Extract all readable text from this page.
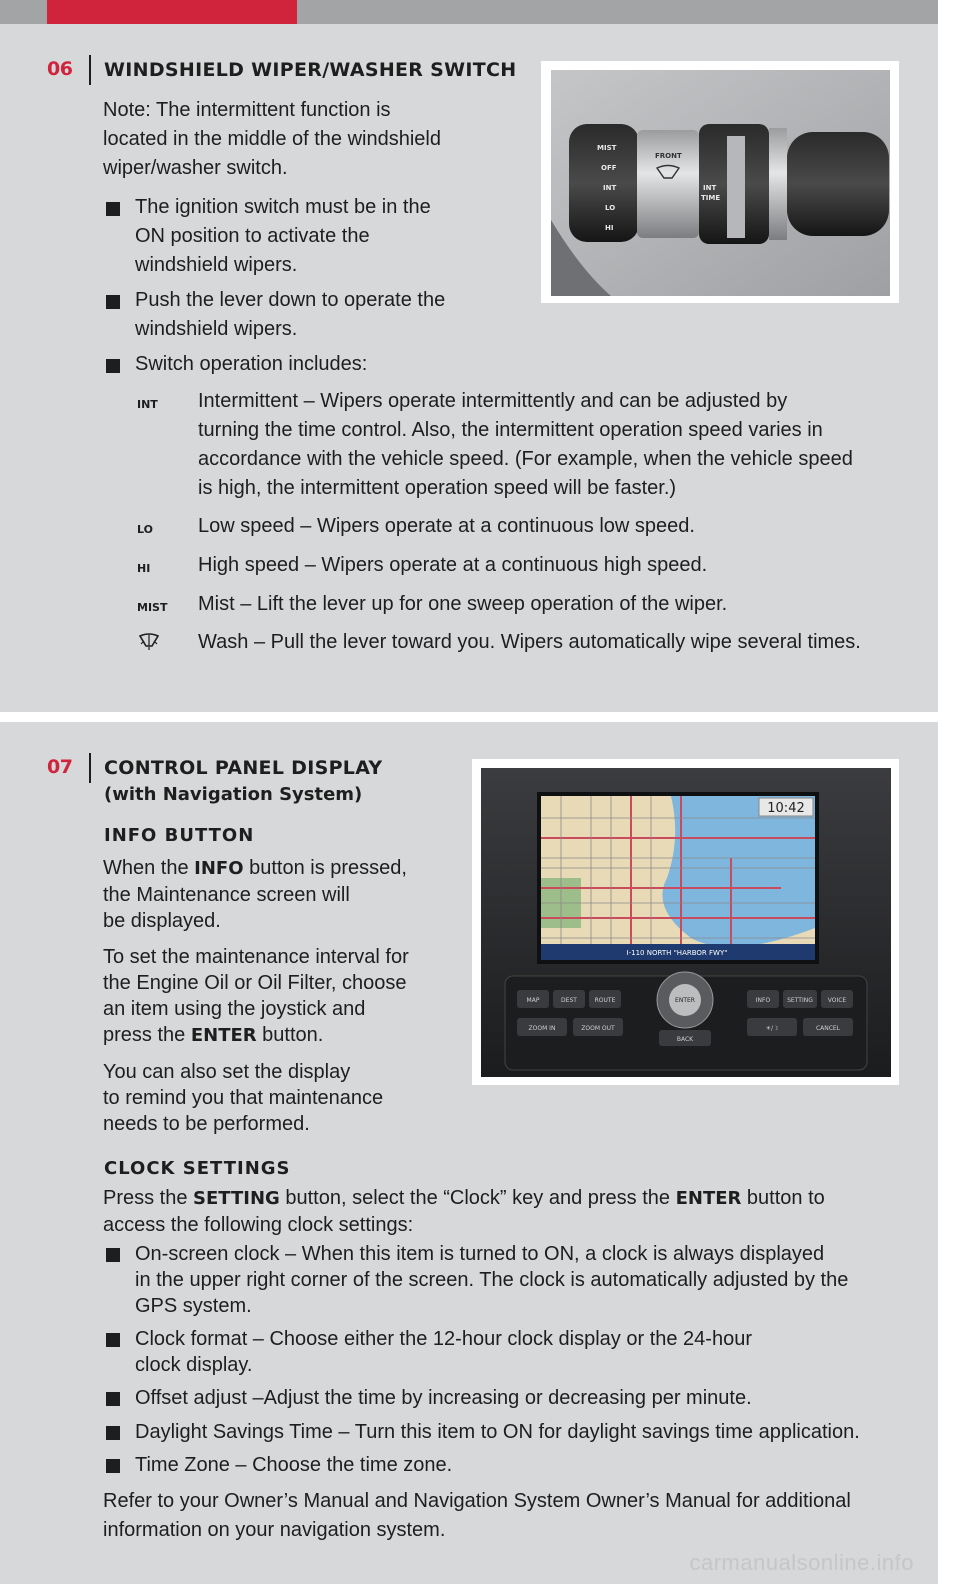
06 WINDSHIELD WIPER/WASHER SWITCH
Note: The intermittent function is
located in the middle of the windshield
wiper/washer switch.
The ignition switch must be in the
ON position to activate the
windshield wipers.
Push the lever down to operate the
windshield wipers.
Switch operation includes:
INT Intermittent – Wipers operate intermittently and can be adjusted by
turning the time control. Also, the intermittent operation speed varies in
accordance with the vehicle speed. (For example, when the vehicle speed
is high, the intermittent operation speed will be faster.)
LO Low speed – Wipers operate at a continuous low speed.
HI High speed – Wipers operate at a continuous high speed.
MIST Mist – Lift the lever up for one sweep operation of the wiper.
Wash – Pull the lever toward you. Wipers automatically wipe several times.
MIST
OFF
INT
LO
HI
INT
TIME
FRONT
07 CONTROL PANEL DISPLAY
(with Navigation System)
INFO BUTTON
When the INFO button is pressed,
the Maintenance screen will
be displayed.
To set the maintenance interval for
the Engine Oil or Oil Filter, choose
an item using the joystick and
press the ENTER button.
You can also set the display
to remind you that maintenance
needs to be performed.
10:42
I-110 NORTH "HARBOR FWY"
MAP	DEST	ROUTE
ZOOM IN	ZOOM OUT
ENTER
BACK
INFO	SETTING VOICE
☀/☽	CANCEL
CLOCK SETTINGS
Press the SETTING button, select the “Clock” key and press the ENTER button to
access the following clock settings:
On-screen clock – When this item is turned to ON, a clock is always displayed
in the upper right corner of the screen. The clock is automatically adjusted by the
GPS system.
Clock format – Choose either the 12-hour clock display or the 24-hour
clock display.
Offset adjust –Adjust the time by increasing or decreasing per minute.
Daylight Savings Time – Turn this item to ON for daylight savings time application.
Time Zone – Choose the time zone.
Refer to your Owner’s Manual and Navigation System Owner’s Manual for additional
information on your navigation system.
carmanualsonline.info
